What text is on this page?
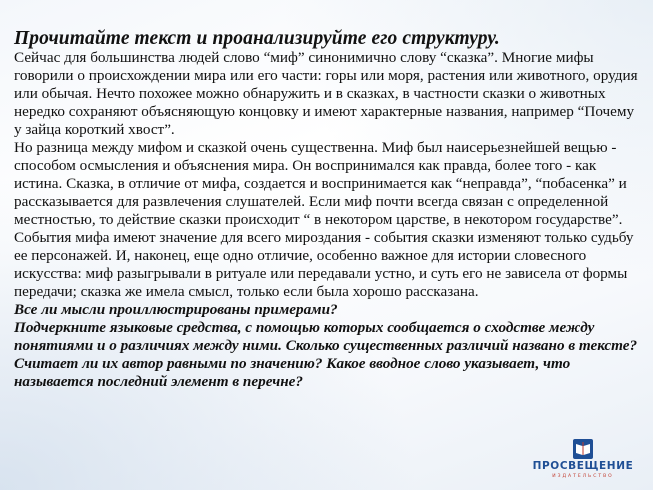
Прочитайте текст и проанализируйте его структуру.

Сейчас для большинства людей слово “миф” синонимично слову “сказка”. Многие мифы говорили о происхождении мира или его части: горы или моря, растения или животного, орудия или обычая. Нечто похожее можно обнаружить и в сказках, в частности сказки о животных нередко сохраняют объясняющую концовку и имеют характерные названия, например “Почему у зайца короткий хвост”.

Но разница между мифом и сказкой очень существенна. Миф был наисерьезнейшей вещью - способом осмысления и объяснения мира. Он воспринимался как правда, более того - как истина. Сказка, в отличие от мифа, создается и воспринимается как “неправда”, “побасенка” и рассказывается для развлечения слушателей. Если миф почти всегда связан с определенной местностью, то действие сказки происходит “ в некотором царстве, в некотором государстве”. События мифа имеют значение для всего мироздания - события сказки изменяют только судьбу ее персонажей. И, наконец, еще одно отличие, особенно важное для истории словесного искусства: миф разыгрывали в ритуале или передавали устно, и суть его не зависела от формы передачи; сказка же имела смысл, только если была хорошо рассказана.

Все ли мысли проиллюстрированы примерами?

Подчеркните языковые средства, с помощью которых сообщается о сходстве между понятиями и о различиях между ними. Сколько существенных различий названо в тексте? Считает ли их автор равными по значению? Какое вводное слово указывает, что называется последний элемент в перечне?

ПРОСВЕЩЕНИЕ
ИЗДАТЕЛЬСТВО
